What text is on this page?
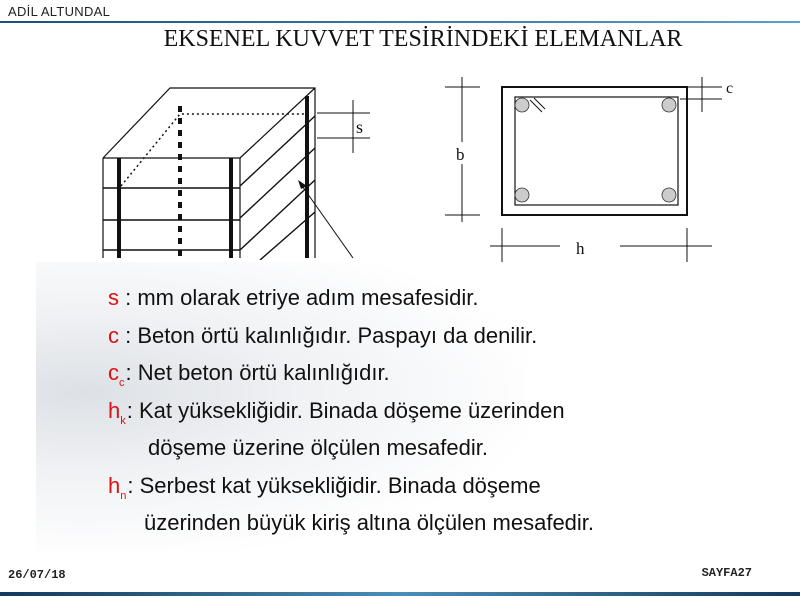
ADİL ALTUNDAL
EKSENEL KUVVET TESİRİNDEKİ ELEMANLAR
s
c
b
h
s : mm olarak etriye adım mesafesidir.
c : Beton örtü kalınlığıdır. Paspayı da denilir.
$c_c$: Net beton örtü kalınlığıdır.
$h_k$: Kat yüksekliğidir. Binada döşeme üzerinden
döşeme üzerine ölçülen mesafedir.
$h_n$: Serbest kat yüksekliğidir. Binada döşeme
üzerinden büyük kiriş altına ölçülen mesafedir.
26/07/18	SAYFA27
